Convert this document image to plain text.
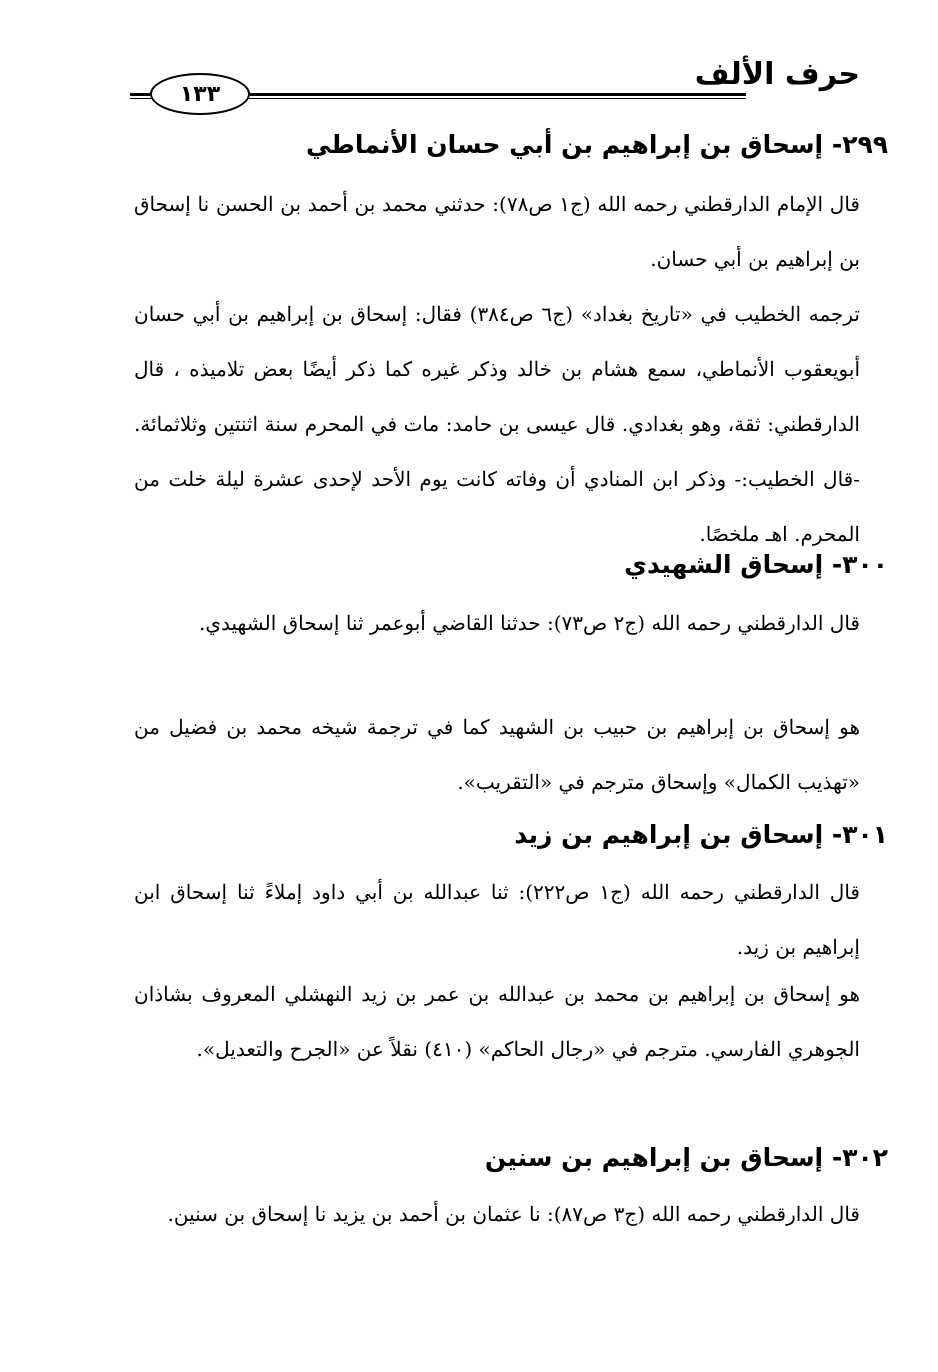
حرف الألف
١٣٣
٢٩٩- إسحاق بن إبراهيم بن أبي حسان الأنماطي
قال الإمام الدارقطني رحمه الله (ج١ ص٧٨): حدثني محمد بن أحمد بن الحسن نا إسحاق بن إبراهيم بن أبي حسان.
ترجمه الخطيب في «تاريخ بغداد» (ج٦ ص٣٨٤) فقال: إسحاق بن إبراهيم بن أبي حسان أبويعقوب الأنماطي، سمع هشام بن خالد وذكر غيره كما ذكر أيضًا بعض تلاميذه ، قال الدارقطني: ثقة، وهو بغدادي. قال عيسى بن حامد: مات في المحرم سنة اثنتين وثلاثمائة. -قال الخطيب:- وذكر ابن المنادي أن وفاته كانت يوم الأحد لإحدى عشرة ليلة خلت من المحرم. اهـ ملخصًا.
٣٠٠- إسحاق الشهيدي
قال الدارقطني رحمه الله (ج٢ ص٧٣): حدثنا القاضي أبوعمر ثنا إسحاق الشهيدي.
هو إسحاق بن إبراهيم بن حبيب بن الشهيد كما في ترجمة شيخه محمد بن فضيل من «تهذيب الكمال» وإسحاق مترجم في «التقريب».
٣٠١- إسحاق بن إبراهيم بن زيد
قال الدارقطني رحمه الله (ج١ ص٢٢٢): ثنا عبدالله بن أبي داود إملاءً ثنا إسحاق ابن إبراهيم بن زيد.
هو إسحاق بن إبراهيم بن محمد بن عبدالله بن عمر بن زيد النهشلي المعروف بشاذان الجوهري الفارسي. مترجم في «رجال الحاكم» (٤١٠) نقلاً عن «الجرح والتعديل».
٣٠٢- إسحاق بن إبراهيم بن سنين
قال الدارقطني رحمه الله (ج٣ ص٨٧): نا عثمان بن أحمد بن يزيد نا إسحاق بن سنين.
